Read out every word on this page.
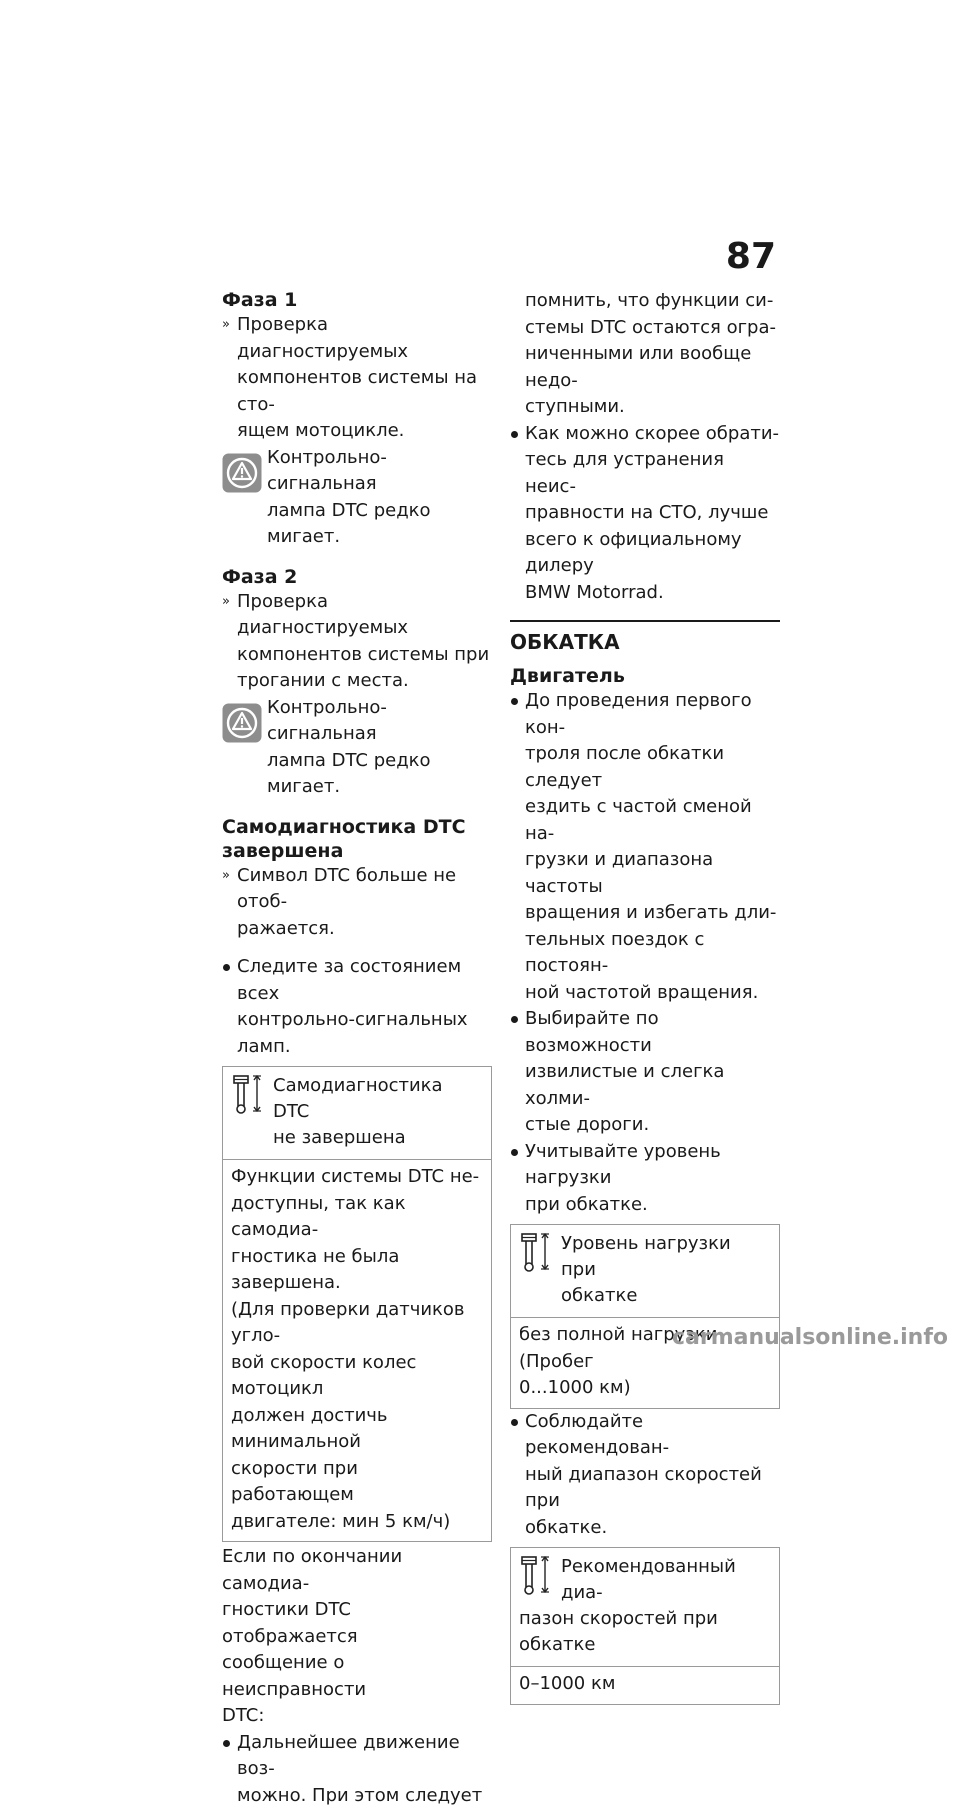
87
Фаза 1
» Проверка диагностируемых
компонентов системы на сто-
ящем мотоцикле.
Контрольно-сигнальная
лампа DTC редко мигает.
Фаза 2
» Проверка диагностируемых
компонентов системы при
трогании с места.
Контрольно-сигнальная
лампа DTC редко мигает.
Самодиагностика DTC
завершена
» Символ DTC больше не отоб-
ражается.
Следите за состоянием всех
контрольно-сигнальных ламп.
Самодиагностика DTC
не завершена
Функции системы DTC не-
доступны, так как самодиа-
гностика не была завершена.
(Для проверки датчиков угло-
вой скорости колес мотоцикл
должен достичь минимальной
скорости при работающем
двигателе: мин 5 км/ч)

Если по окончании самодиа-

гностики DTC отображается

сообщение о неисправности

DTC:

Дальнейшее движение воз-
можно. При этом следует
помнить, что функции си-
стемы DTC остаются огра-
ниченными или вообще недо-
ступными.
Как можно скорее обрати-
тесь для устранения неис-
правности на СТО, лучше
всего к официальному дилеру
BMW Motorrad.
ОБКАТКА
Двигатель
До проведения первого кон-
троля после обкатки следует
ездить с частой сменой на-
грузки и диапазона частоты
вращения и избегать дли-
тельных поездок с постоян-
ной частотой вращения.
Выбирайте по возможности
извилистые и слегка холми-
стые дороги.
Учитывайте уровень нагрузки
при обкатке.
Уровень нагрузки при
обкатке
без полной нагрузки (Пробег
0...1000 км)
Соблюдайте рекомендован-
ный диапазон скоростей при
обкатке.
Рекомендованный диа-
пазон скоростей при
обкатке
0–1000 км
carmanualsonline.info
